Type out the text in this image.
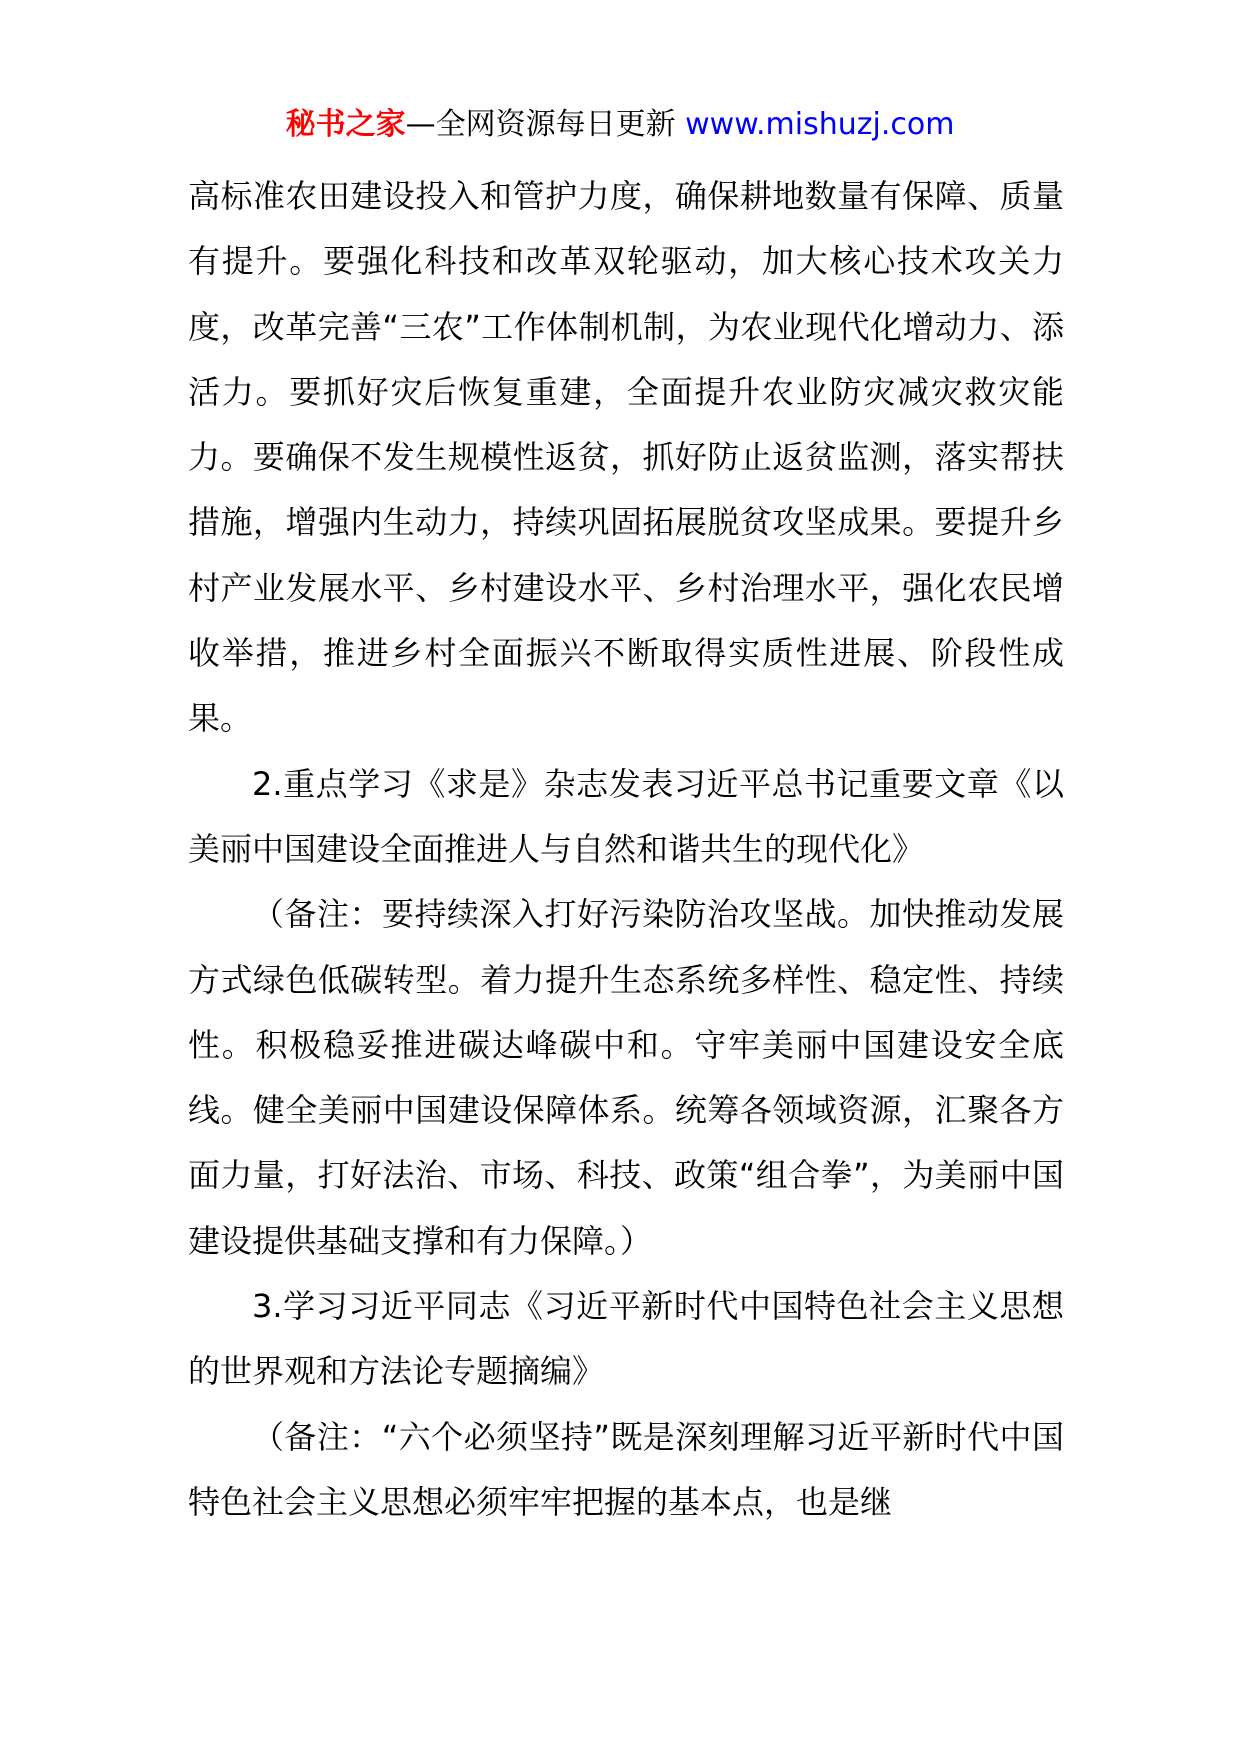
秘书之家—全网资源每日更新 www.mishuzj.com

高标准农田建设投入和管护力度，确保耕地数量有保障、质量有提升。要强化科技和改革双轮驱动，加大核心技术攻关力度，改革完善“三农”工作体制机制，为农业现代化增动力、添活力。要抓好灾后恢复重建，全面提升农业防灾减灾救灾能力。要确保不发生规模性返贫，抓好防止返贫监测，落实帮扶措施，增强内生动力，持续巩固拓展脱贫攻坚成果。要提升乡村产业发展水平、乡村建设水平、乡村治理水平，强化农民增收举措，推进乡村全面振兴不断取得实质性进展、阶段性成果。

2.重点学习《求是》杂志发表习近平总书记重要文章《以美丽中国建设全面推进人与自然和谐共生的现代化》

（备注：要持续深入打好污染防治攻坚战。加快推动发展方式绿色低碳转型。着力提升生态系统多样性、稳定性、持续性。积极稳妥推进碳达峰碳中和。守牢美丽中国建设安全底线。健全美丽中国建设保障体系。统筹各领域资源，汇聚各方面力量，打好法治、市场、科技、政策“组合拳”，为美丽中国建设提供基础支撑和有力保障。）

3.学习习近平同志《习近平新时代中国特色社会主义思想的世界观和方法论专题摘编》

（备注：“六个必须坚持”既是深刻理解习近平新时代中国特色社会主义思想必须牢牢把握的基本点，也是继
